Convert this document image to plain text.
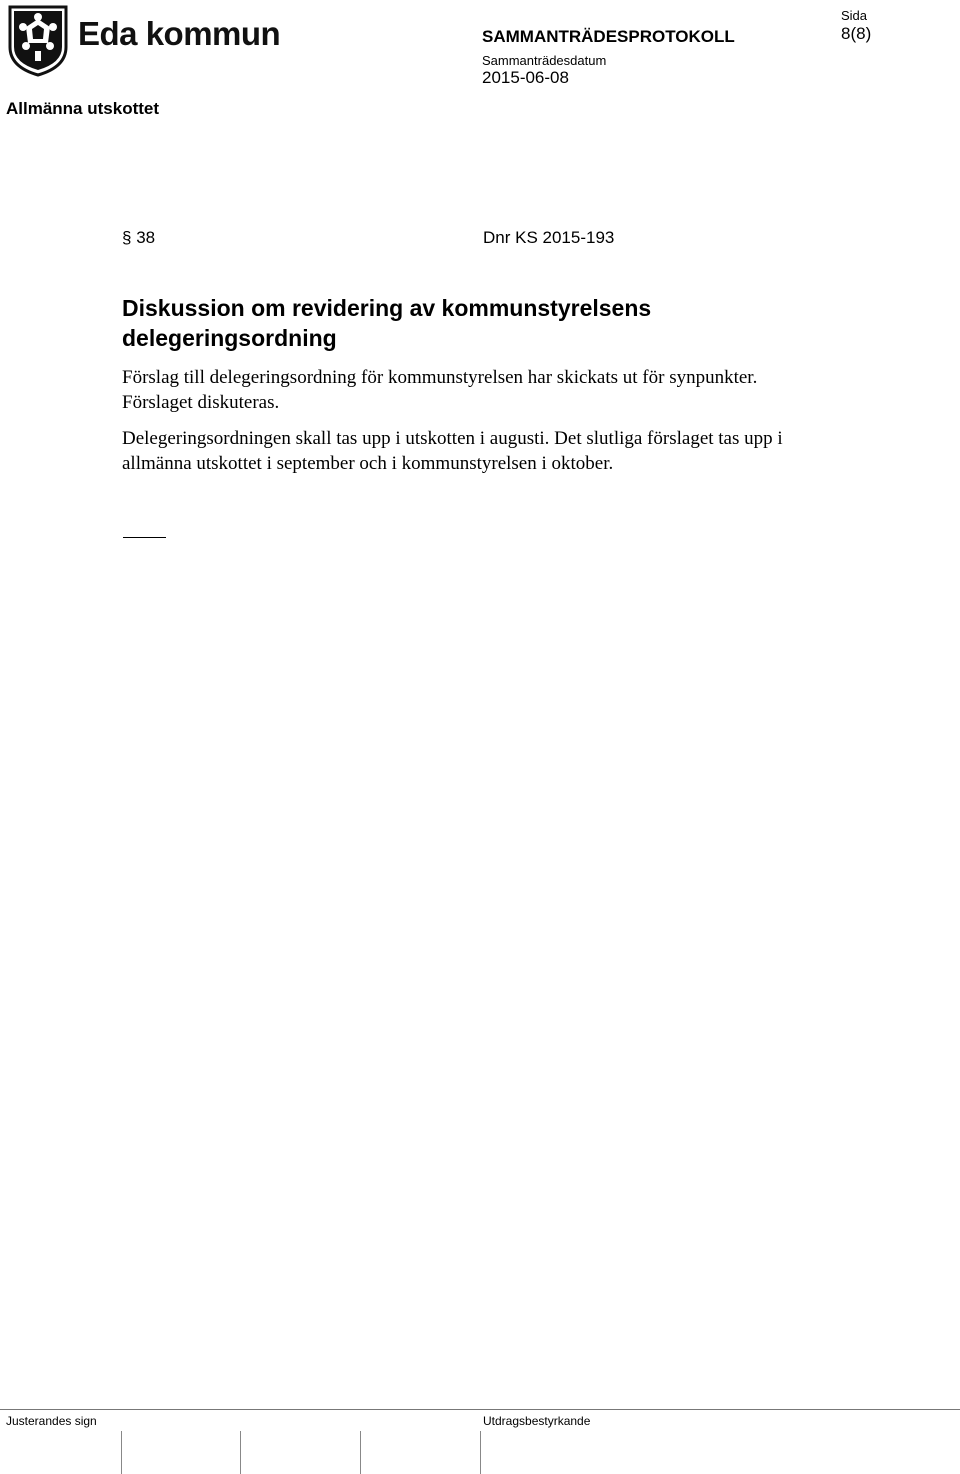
Eda kommun
Allmänna utskottet
SAMMANTRÄDESPROTOKOLL
Sammanträdesdatum
2015-06-08
Sida
8(8)
§ 38	Dnr KS 2015-193
Diskussion om revidering av kommunstyrelsens delegeringsordning
Förslag till delegeringsordning för kommunstyrelsen har skickats ut för synpunkter. Förslaget diskuteras.
Delegeringsordningen skall tas upp i utskotten i augusti. Det slutliga förslaget tas upp i allmänna utskottet i september och i kommunstyrelsen i oktober.
Justerandes sign	Utdragsbestyrkande
